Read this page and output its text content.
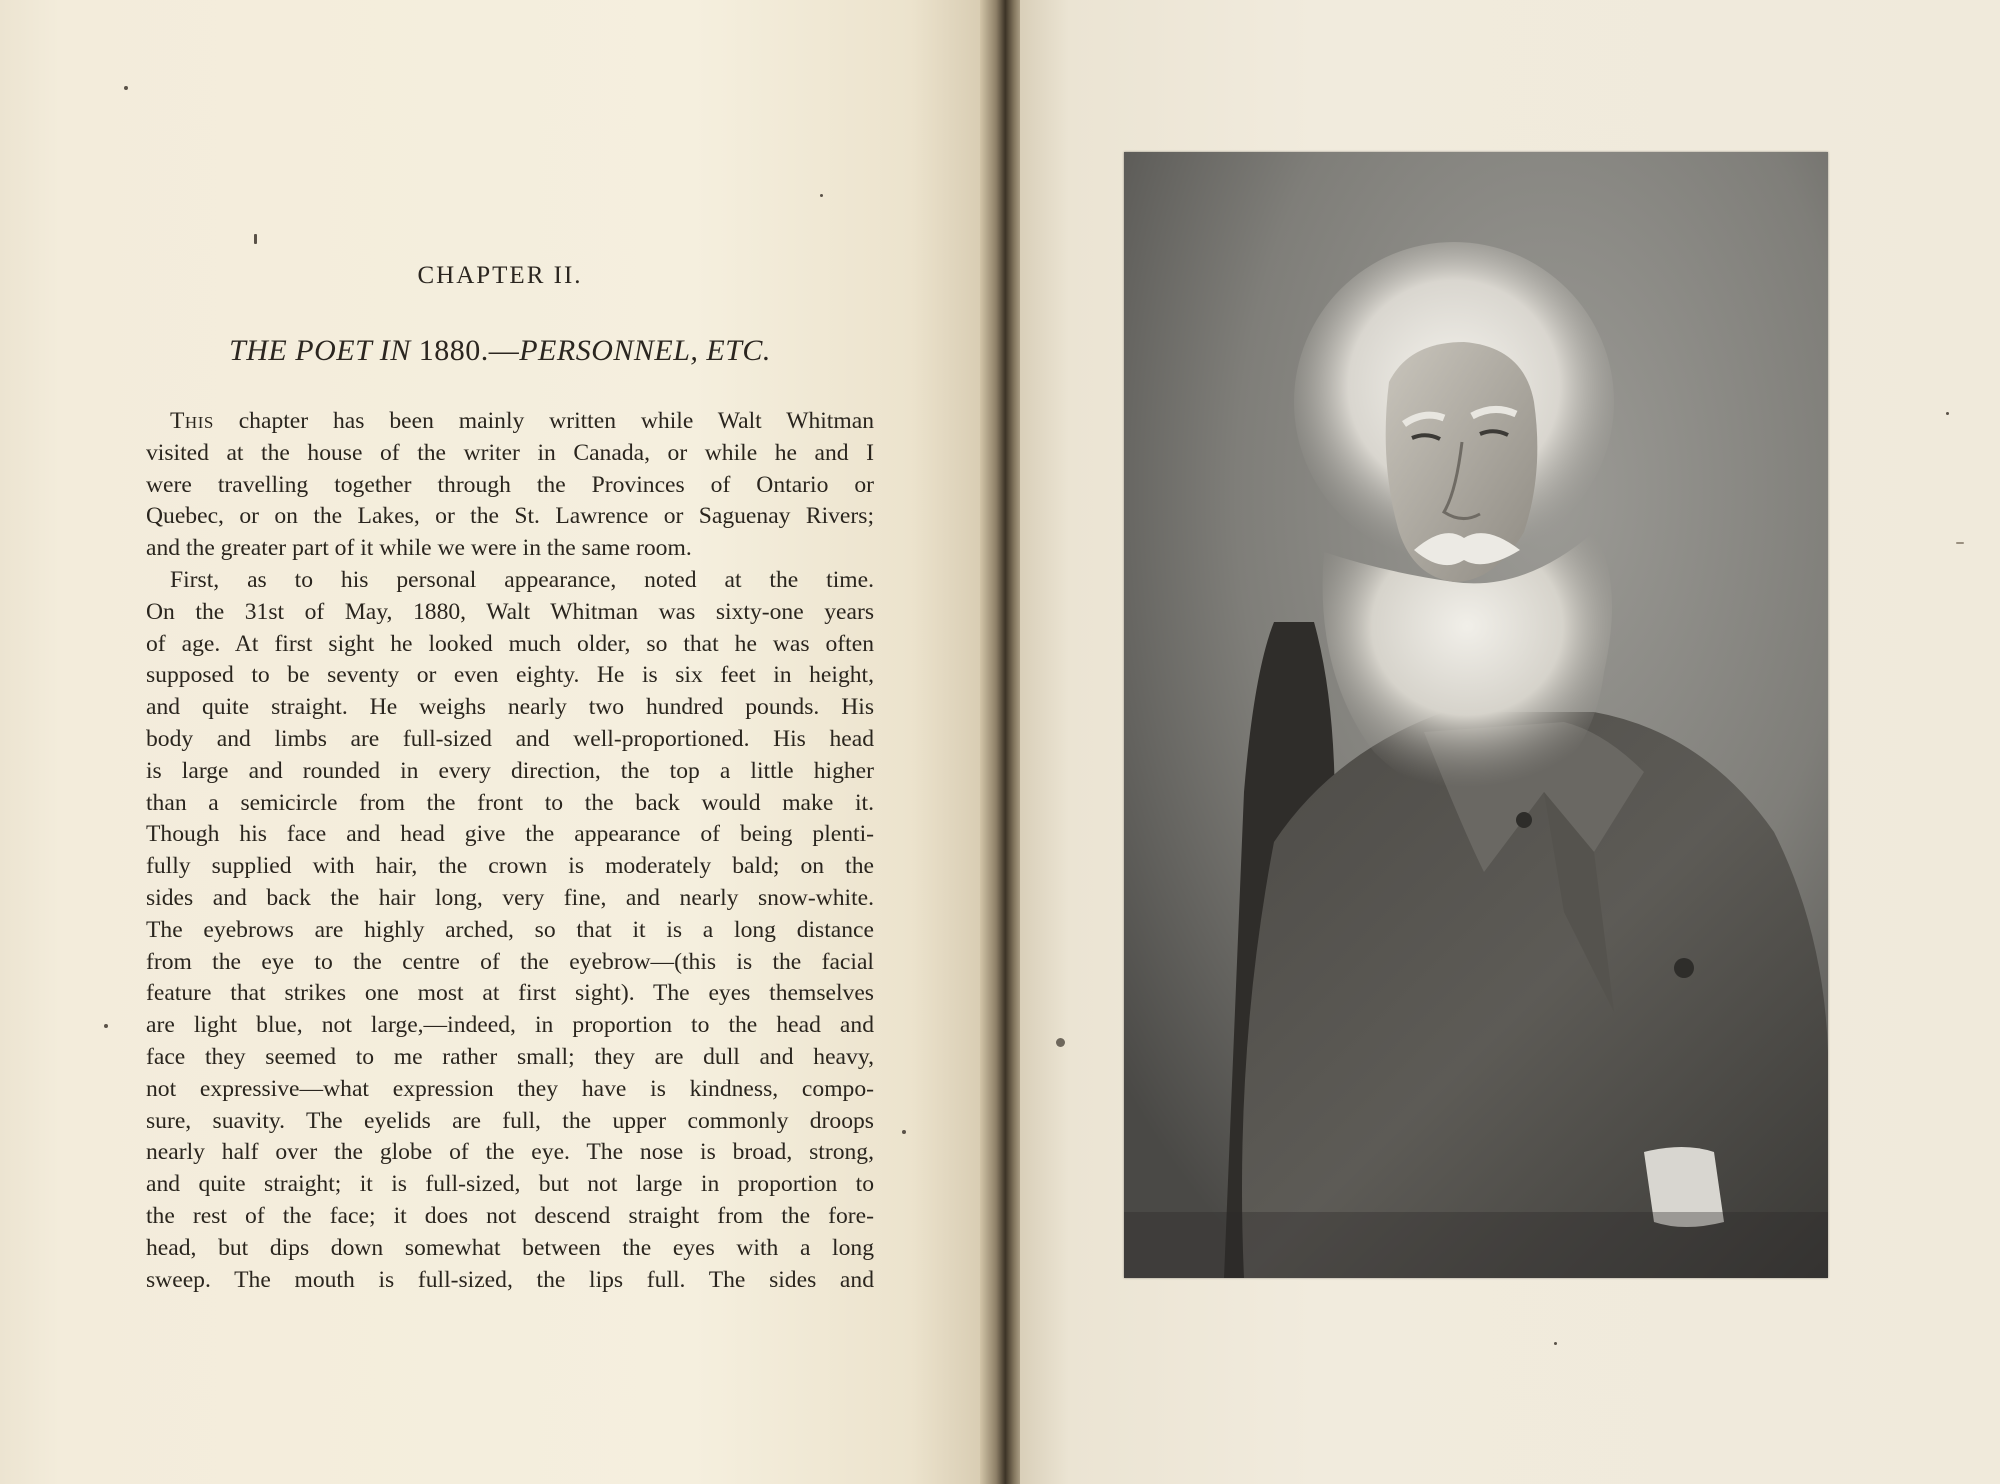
CHAPTER II.
THE POET IN 1880.—PERSONNEL, ETC.
This chapter has been mainly written while Walt Whitman
visited at the house of the writer in Canada, or while he and I
were travelling together through the Provinces of Ontario or
Quebec, or on the Lakes, or the St. Lawrence or Saguenay Rivers;
and the greater part of it while we were in the same room.
First, as to his personal appearance, noted at the time.
On the 31st of May, 1880, Walt Whitman was sixty-one years
of age. At first sight he looked much older, so that he was often
supposed to be seventy or even eighty. He is six feet in height,
and quite straight. He weighs nearly two hundred pounds. His
body and limbs are full-sized and well-proportioned. His head
is large and rounded in every direction, the top a little higher
than a semicircle from the front to the back would make it.
Though his face and head give the appearance of being plenti-
fully supplied with hair, the crown is moderately bald; on the
sides and back the hair long, very fine, and nearly snow-white.
The eyebrows are highly arched, so that it is a long distance
from the eye to the centre of the eyebrow—(this is the facial
feature that strikes one most at first sight). The eyes themselves
are light blue, not large,—indeed, in proportion to the head and
face they seemed to me rather small; they are dull and heavy,
not expressive—what expression they have is kindness, compo-
sure, suavity. The eyelids are full, the upper commonly droops
nearly half over the globe of the eye. The nose is broad, strong,
and quite straight; it is full-sized, but not large in proportion to
the rest of the face; it does not descend straight from the fore-
head, but dips down somewhat between the eyes with a long
sweep. The mouth is full-sized, the lips full. The sides and
